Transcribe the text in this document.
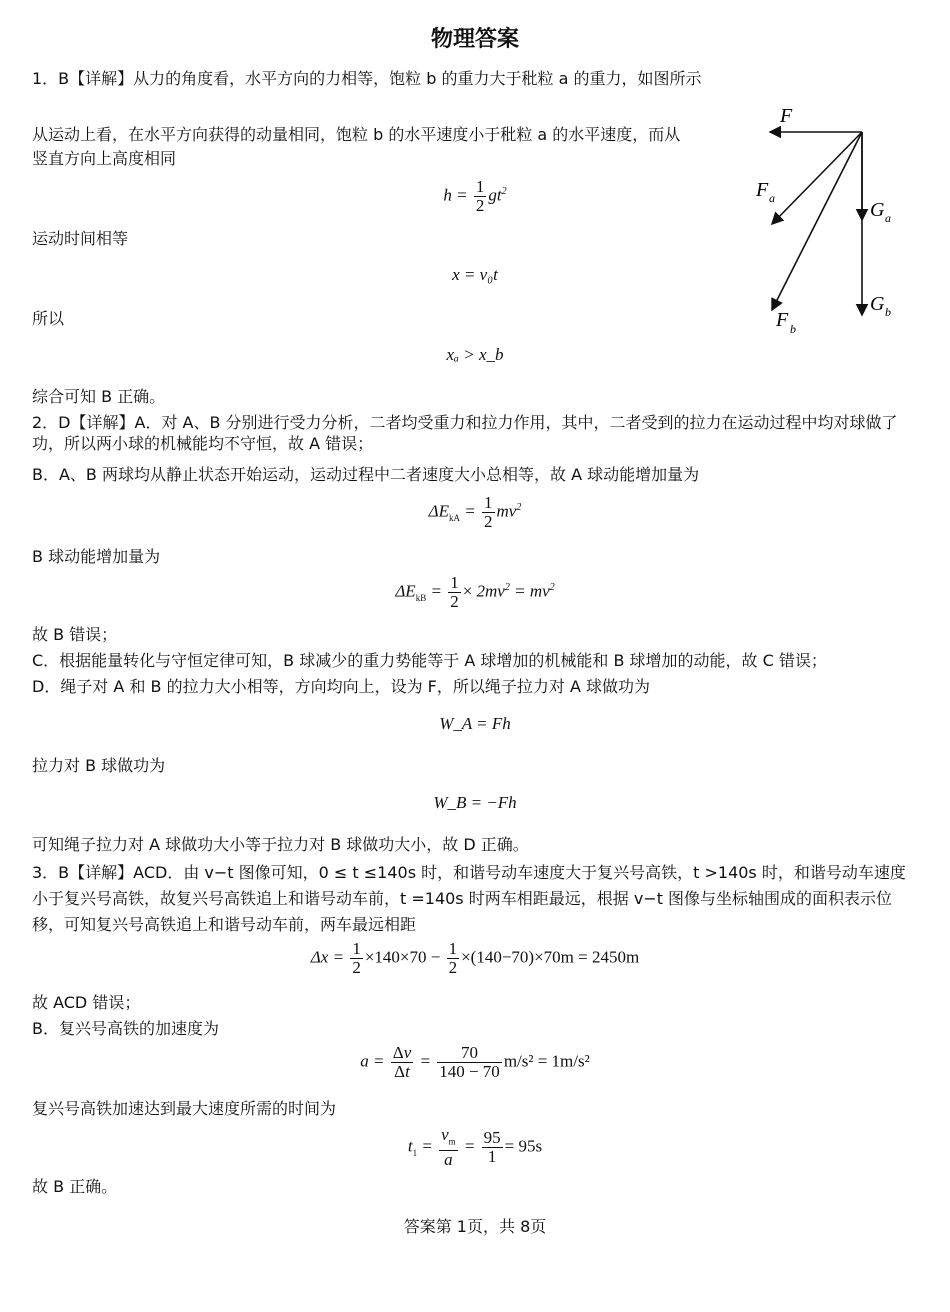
物理答案
1．B【详解】从力的角度看，水平方向的力相等，饱粒 b 的重力大于秕粒 a 的重力，如图所示
从运动上看，在水平方向获得的动量相同，饱粒 b 的水平速度小于秕粒 a 的水平速度，而从
竖直方向上高度相同
$h = \frac{1}{2} gt^2$
运动时间相等
x = v₀t
所以
xₐ > x_b
综合可知 B 正确。
F
F a
G a
F b
G b
2．D【详解】A．对 A、B 分别进行受力分析，二者均受重力和拉力作用，其中，二者受到的拉力在运动过程中均对球做了功，所以两小球的机械能均不守恒，故 A 错误；
B．A、B 两球均从静止状态开始运动，运动过程中二者速度大小总相等，故 A 球动能增加量为
$\Delta E_{kA} = \frac{1}{2} mv^2$
B 球动能增加量为
$\Delta E_{kB} = \frac{1}{2} \times 2mv^2 = mv^2$
故 B 错误；
C．根据能量转化与守恒定律可知，B 球减少的重力势能等于 A 球增加的机械能和 B 球增加的动能，故 C 错误；
D．绳子对 A 和 B 的拉力大小相等，方向均向上，设为 F，所以绳子拉力对 A 球做功为
W_A = Fh
拉力对 B 球做功为
W_B = −Fh
可知绳子拉力对 A 球做功大小等于拉力对 B 球做功大小，故 D 正确。
3．B【详解】ACD．由 v−t 图像可知，0 ≤ t ≤140s 时，和谐号动车速度大于复兴号高铁，t >140s 时，和谐号动车速度小于复兴号高铁，故复兴号高铁追上和谐号动车前，t =140s 时两车相距最远，根据 v−t 图像与坐标轴围成的面积表示位移，可知复兴号高铁追上和谐号动车前，两车最远相距
$\Delta x = \frac{1}{2} \times 140\times 70 - \frac{1}{2} \times(140-70)\times 70m = 2450m$
故 ACD 错误；
B．复兴号高铁的加速度为
$a = \frac{\Delta v}{\Delta t} = \frac{70}{140 - 70} m/s^2 = 1m/s^2$
复兴号高铁加速达到最大速度所需的时间为
$t_1 = \frac{v_m}{a} = \frac{95}{1} = 95s$
故 B 正确。
答案第 1页，共 8页
